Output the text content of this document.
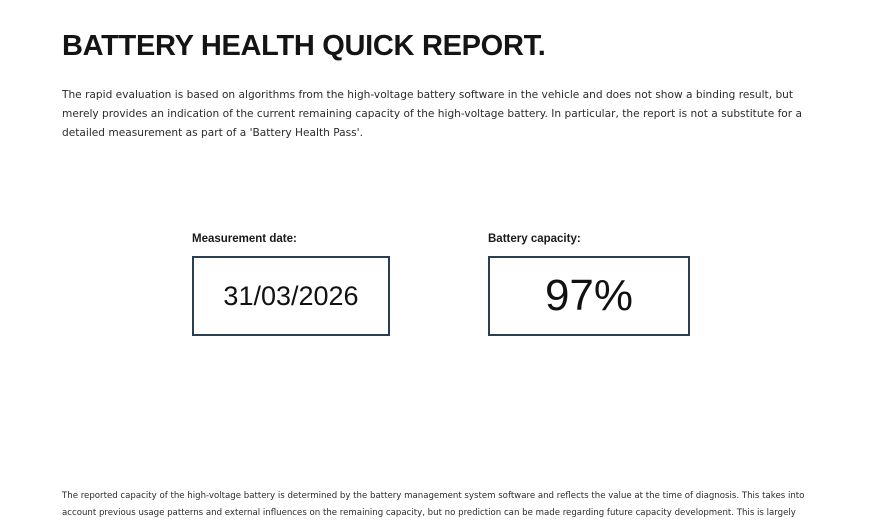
BATTERY HEALTH QUICK REPORT.

The rapid evaluation is based on algorithms from the high-voltage battery software in the vehicle and does not show a binding result, but merely provides an indication of the current remaining capacity of the high-voltage battery. In particular, the report is not a substitute for a detailed measurement as part of a 'Battery Health Pass'.

Measurement date:
31/03/2026
Battery capacity:
97%

The reported capacity of the high-voltage battery is determined by the battery management system software and reflects the value at the time of diagnosis. This takes into account previous usage patterns and external influences on the remaining capacity, but no prediction can be made regarding future capacity development. This is largely
